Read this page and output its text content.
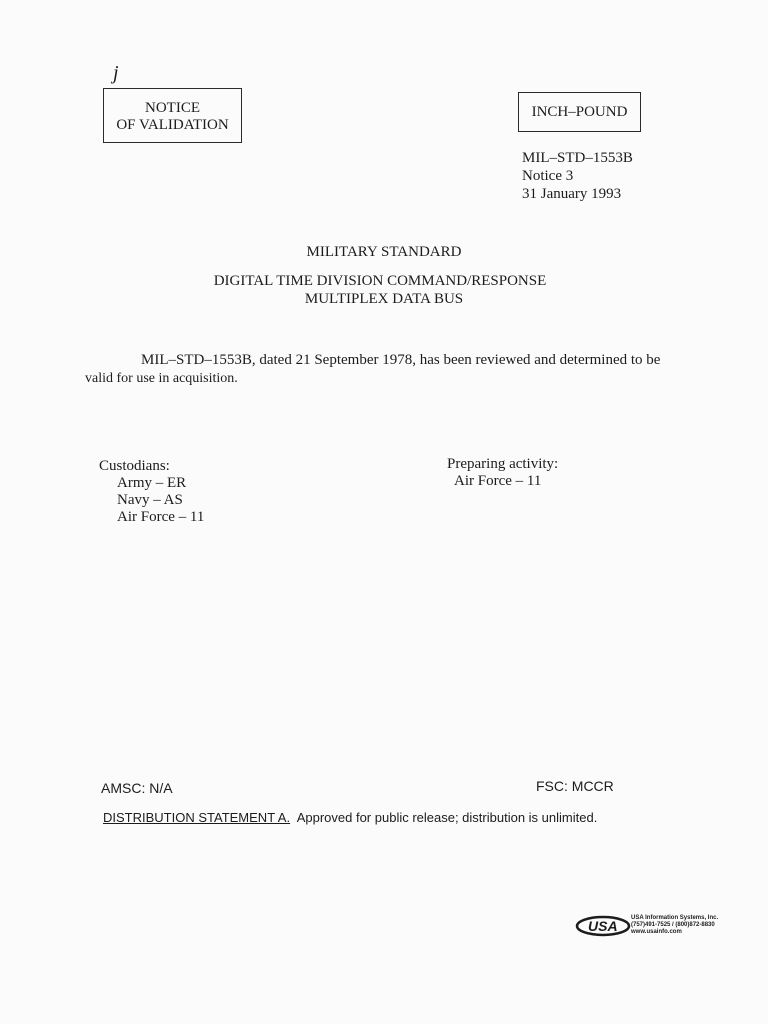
j
NOTICE
OF VALIDATION
INCH–POUND
MIL–STD–1553B
Notice 3
31 January 1993
MILITARY STANDARD
DIGITAL TIME DIVISION COMMAND/RESPONSE
MULTIPLEX DATA BUS
MIL–STD–1553B, dated 21 September 1978, has been reviewed and determined to be
valid for use in acquisition.
Custodians:
Army – ER
Navy – AS
Air Force – 11
Preparing activity:
Air Force – 11
AMSC: N/A	FSC: MCCR
DISTRIBUTION STATEMENT A. Approved for public release; distribution is unlimited.
USA USA Information Systems, Inc.
(757)491-7525 / (800)872-8830
www.usainfo.com
